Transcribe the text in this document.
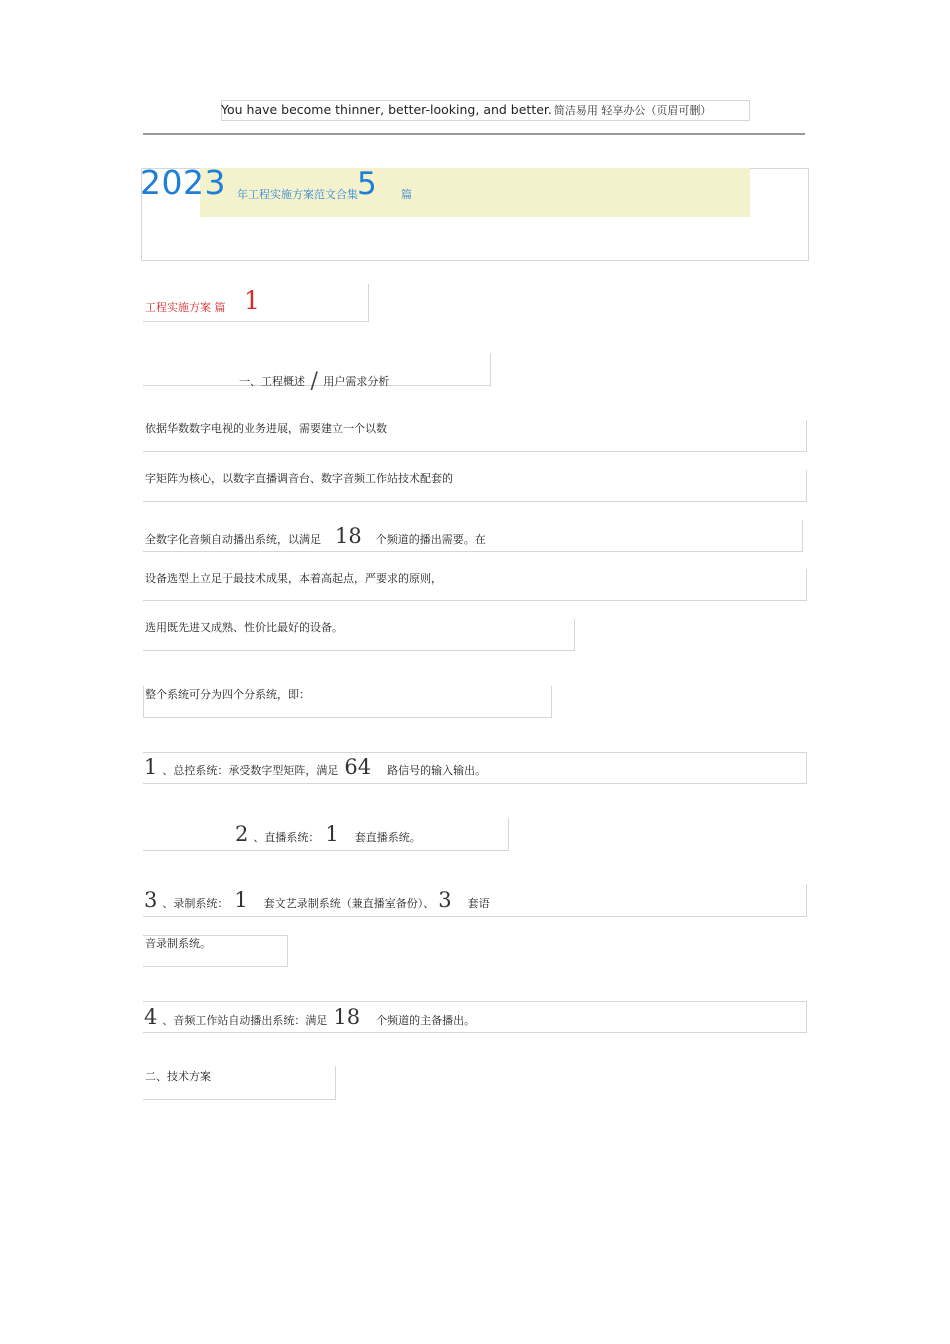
You have become thinner, better-looking, and better. 简洁易用 轻享办公（页眉可删）
2023 年工程实施方案范文合集 5 篇
工程实施方案 篇 1
一、工程概述 / 用户需求分析
依据华数数字电视的业务进展，需要建立一个以数
字矩阵为核心，以数字直播调音台、数字音频工作站技术配套的
全数字化音频自动播出系统，以满足 18 个频道的播出需要。在
设备选型上立足于最技术成果，本着高起点，严要求的原则，
选用既先进又成熟、性价比最好的设备。
整个系统可分为四个分系统，即：
1 、总控系统：承受数字型矩阵，满足 64 路信号的输入输出。
2 、直播系统： 1 套直播系统。
3 、录制系统： 1 套文艺录制系统（兼直播室备份）、 3 套语
音录制系统。
4 、音频工作站自动播出系统：满足 18 个频道的主备播出。
二、技术方案
